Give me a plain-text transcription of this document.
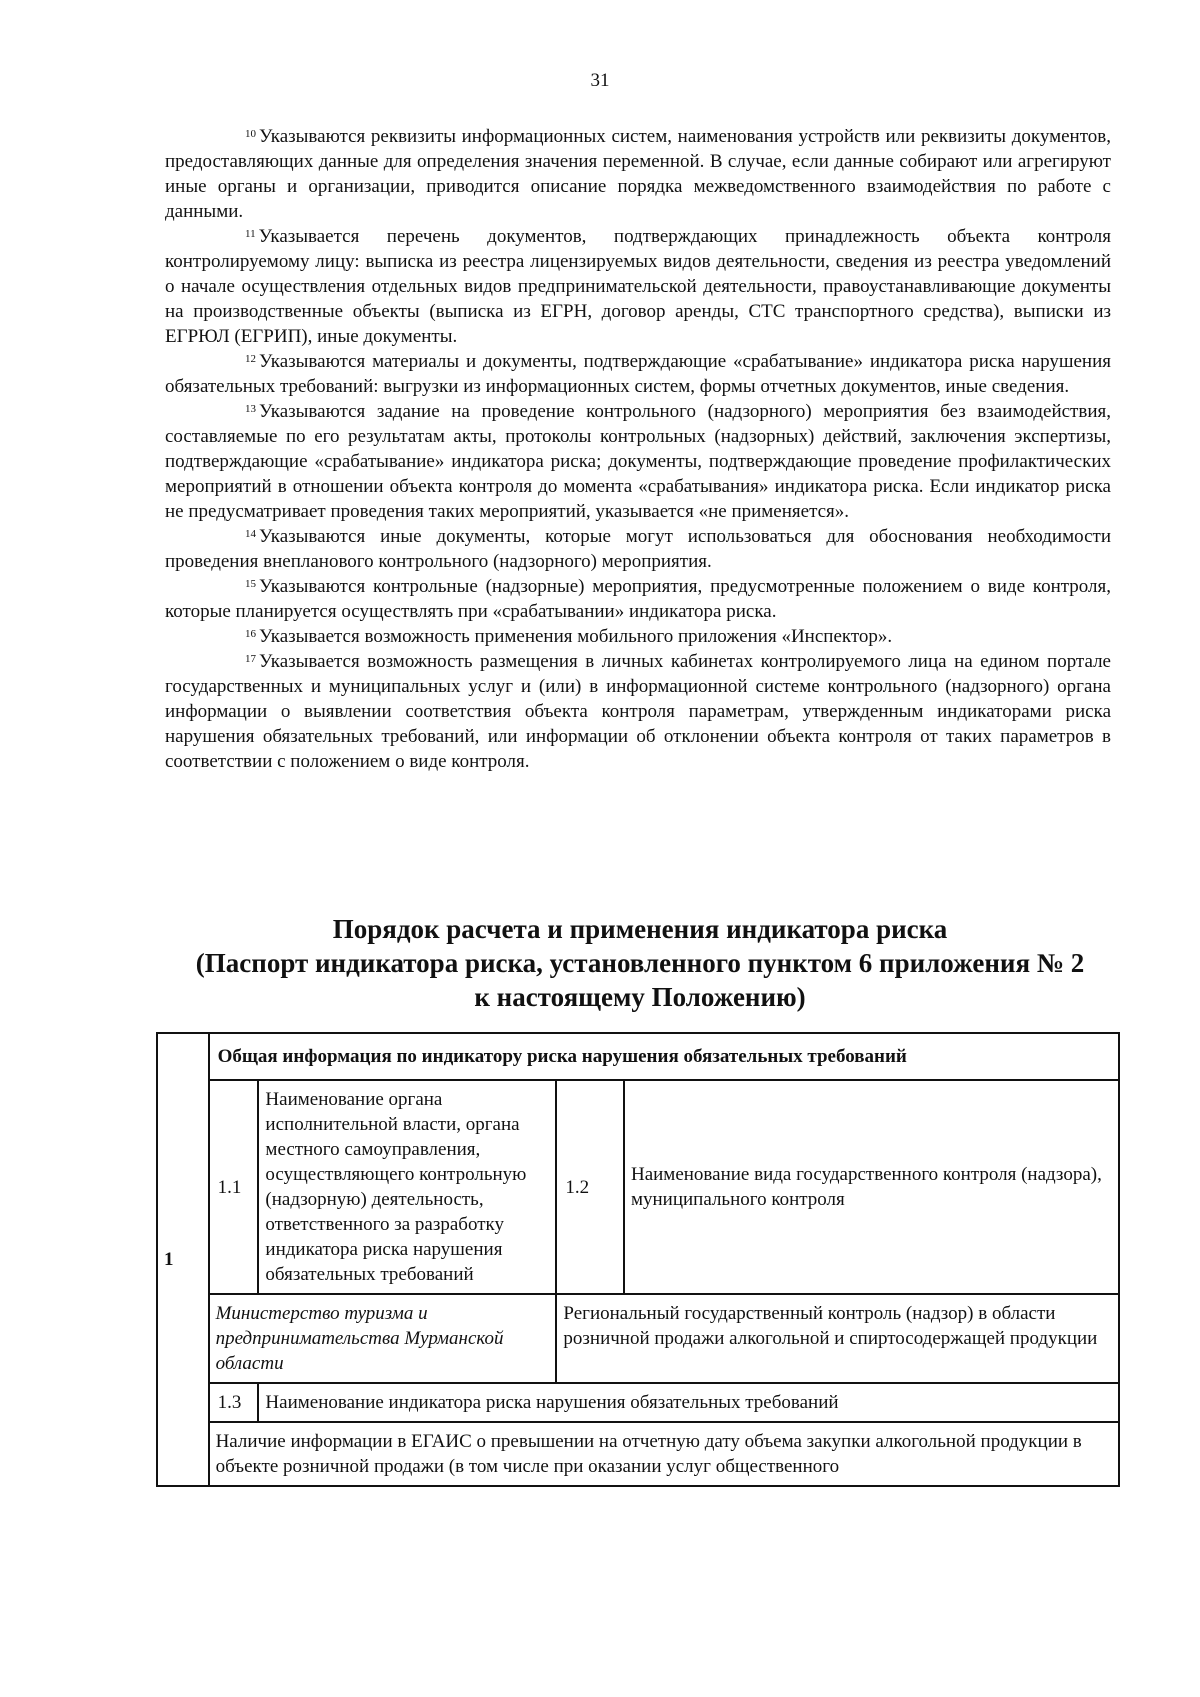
31

$^{10}$ Указываются реквизиты информационных систем, наименования устройств или реквизиты документов, предоставляющих данные для определения значения переменной. В случае, если данные собирают или агрегируют иные органы и организации, приводится описание порядка межведомственного взаимодействия по работе с данными.

$^{11}$ Указывается перечень документов, подтверждающих принадлежность объекта контроля контролируемому лицу: выписка из реестра лицензируемых видов деятельности, сведения из реестра уведомлений о начале осуществления отдельных видов предпринимательской деятельности, правоустанавливающие документы на производственные объекты (выписка из ЕГРН, договор аренды, СТС транспортного средства), выписки из ЕГРЮЛ (ЕГРИП), иные документы.

$^{12}$ Указываются материалы и документы, подтверждающие «срабатывание» индикатора риска нарушения обязательных требований: выгрузки из информационных систем, формы отчетных документов, иные сведения.

$^{13}$ Указываются задание на проведение контрольного (надзорного) мероприятия без взаимодействия, составляемые по его результатам акты, протоколы контрольных (надзорных) действий, заключения экспертизы, подтверждающие «срабатывание» индикатора риска; документы, подтверждающие проведение профилактических мероприятий в отношении объекта контроля до момента «срабатывания» индикатора риска. Если индикатор риска не предусматривает проведения таких мероприятий, указывается «не применяется».

$^{14}$ Указываются иные документы, которые могут использоваться для обоснования необходимости проведения внепланового контрольного (надзорного) мероприятия.

$^{15}$ Указываются контрольные (надзорные) мероприятия, предусмотренные положением о виде контроля, которые планируется осуществлять при «срабатывании» индикатора риска.

$^{16}$ Указывается возможность применения мобильного приложения «Инспектор».

$^{17}$ Указывается возможность размещения в личных кабинетах контролируемого лица на едином портале государственных и муниципальных услуг и (или) в информационной системе контрольного (надзорного) органа информации о выявлении соответствия объекта контроля параметрам, утвержденным индикаторами риска нарушения обязательных требований, или информации об отклонении объекта контроля от таких параметров в соответствии с положением о виде контроля.

Порядок расчета и применения индикатора риска
(Паспорт индикатора риска, установленного пунктом 6 приложения № 2
к настоящему Положению)
1	Общая информация по индикатору риска нарушения обязательных требований			
	1.1	Наименование органа исполнительной власти, органа местного самоуправления, осуществляющего контрольную (надзорную) деятельность, ответственного за разработку индикатора риска нарушения обязательных требований	1.2	Наименование вида государственного контроля (надзора), муниципального контроля
	Министерство туризма и предпринимательства Мурманской области		Региональный государственный контроль (надзор) в области розничной продажи алкогольной и спиртосодержащей продукции	
	1.3	Наименование индикатора риска нарушения обязательных требований		
	Наличие информации в ЕГАИС о превышении на отчетную дату объема закупки алкогольной продукции в объекте розничной продажи (в том числе при оказании услуг общественного			
